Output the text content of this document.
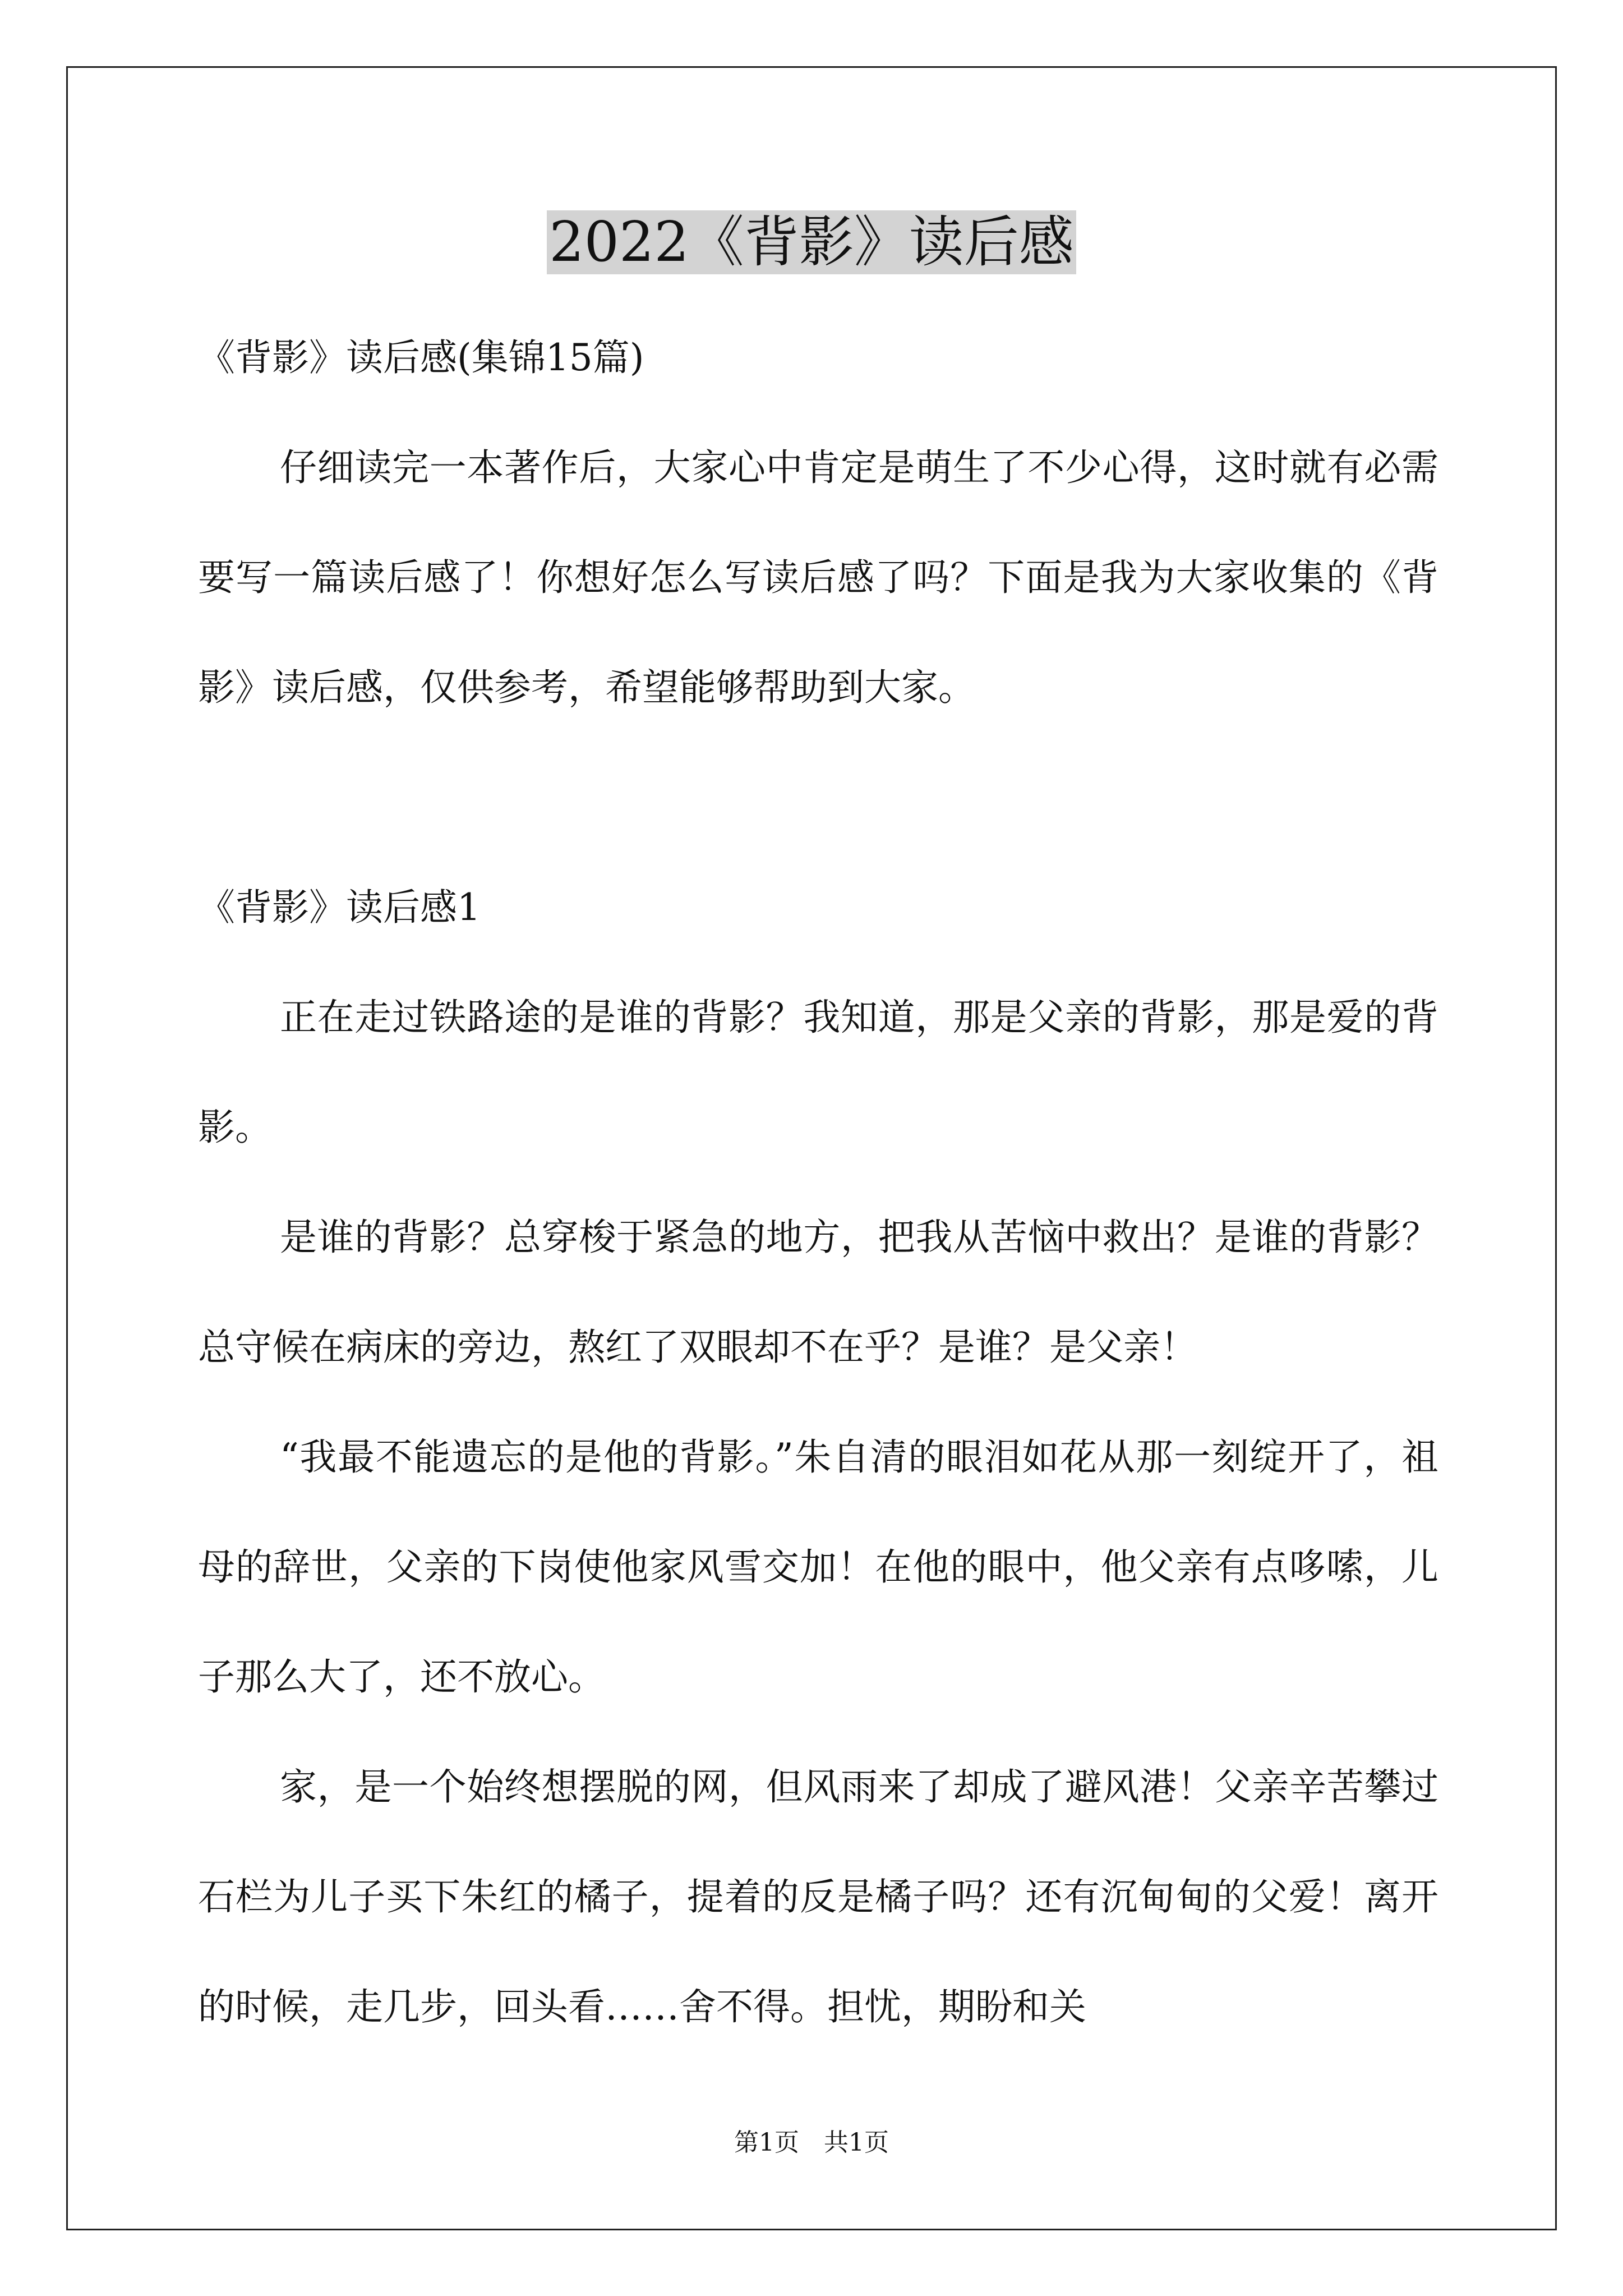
2022《背影》读后感

《背影》读后感(集锦15篇)

仔细读完一本著作后，大家心中肯定是萌生了不少心得，这时就有必需要写一篇读后感了！你想好怎么写读后感了吗？下面是我为大家收集的《背影》读后感，仅供参考，希望能够帮助到大家。

《背影》读后感1

正在走过铁路途的是谁的背影？我知道，那是父亲的背影，那是爱的背影。

是谁的背影？总穿梭于紧急的地方，把我从苦恼中救出？是谁的背影？总守候在病床的旁边，熬红了双眼却不在乎？是谁？是父亲！

“我最不能遗忘的是他的背影。”朱自清的眼泪如花从那一刻绽开了，祖母的辞世，父亲的下岗使他家风雪交加！在他的眼中，他父亲有点哆嗦，儿子那么大了，还不放心。

家，是一个始终想摆脱的网，但风雨来了却成了避风港！父亲辛苦攀过石栏为儿子买下朱红的橘子，提着的反是橘子吗？还有沉甸甸的父爱！离开的时候，走几步，回头看……舍不得。担忧，期盼和关

第1页 共1页
